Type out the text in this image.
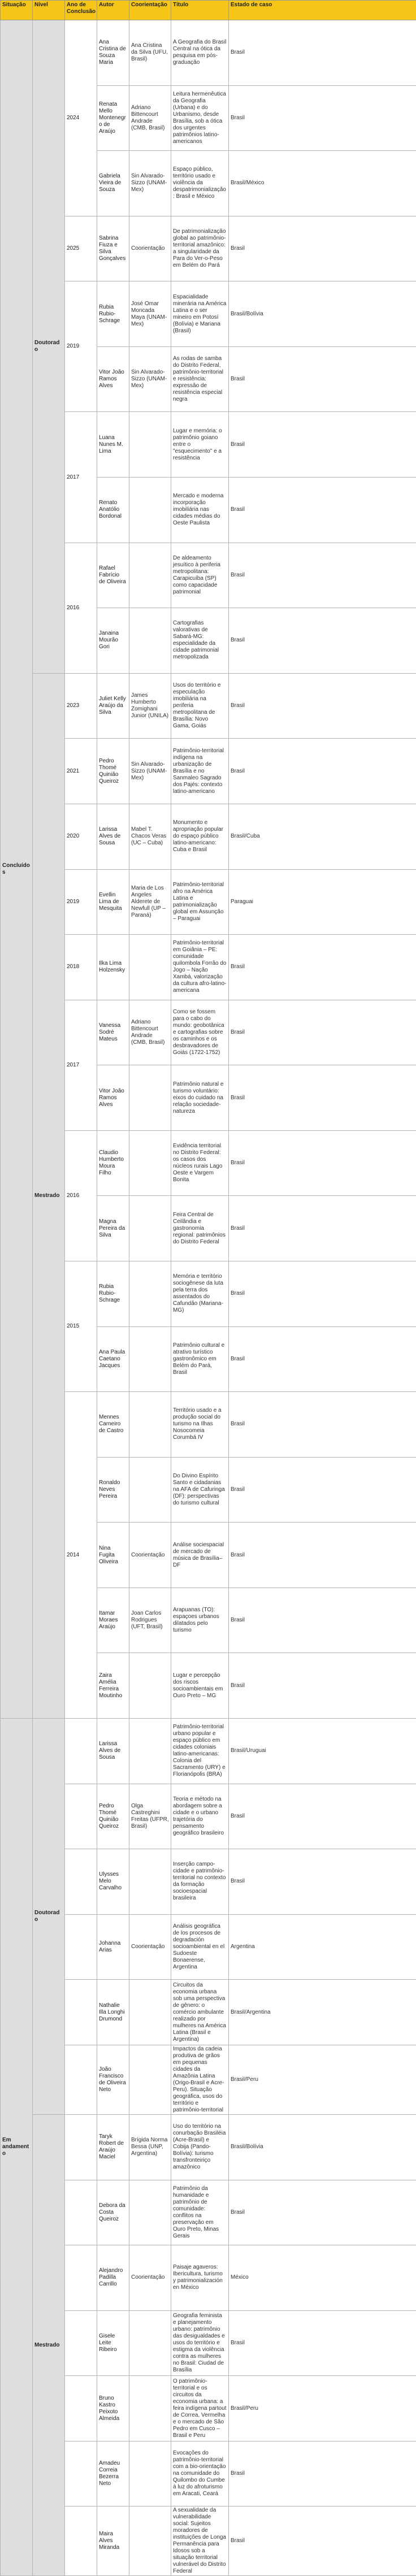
Situação	Nível	Ano de Conclusão	Autor	Coorientação	Título	Estado de caso
Concluídos	Doutorado	2024	Ana Cristina de Souza Maria	Ana Cristina da Silva (UFU, Brasil)	A Geografia do Brasil Central na ótica da pesquisa em pós-graduação	Brasil
			Renata Mello Montenegro de Araújo	Adriano Bittencourt Andrade (CMB, Brasil)	Leitura hermenêutica da Geografia (Urbana) e do Urbanismo, desde Brasília, sob a ótica dos urgentes patrimônios latino-americanos	Brasil
			Gabriela Vieira de Souza	Sin Alvarado-Sizzo (UNAM-Mex)	Espaço público, território usado e violência da despatrimonialização: Brasil e México	Brasil/México
		2025	Sabrina Fiuza e Silva Gonçalves	Coorientação	De patrimonialização global ao patrimônio-territorial amazônico: a singularidade da Para do Ver-o-Peso em Belém do Pará	Brasil
		2019	Rubia Rubio-Schrage	José Omar Moncada Maya (UNAM-Mex)	Espacialidade minerária na América Latina e o ser mineiro em Potosí (Bolívia) e Mariana (Brasil)	Brasil/Bolívia
			Vitor João Ramos Alves	Sin Alvarado-Sizzo (UNAM-Mex)	As rodas de samba do Distrito Federal, patrimônio-territorial e resistência: expressão de resistência especial negra	Brasil
		2017	Luana Nunes M. Lima		Lugar e memória: o patrimônio goiano entre o "esquecimento" e a resistência	Brasil
			Renato Anatólio Bordonal		Mercado e moderna incorporação imobiliária nas cidades médias do Oeste Paulista	Brasil
		2016	Rafael Fabrício de Oliveira		De aldeamento jesuítico à periferia metropolitana: Carapicuíba (SP) como capacidade patrimonial	Brasil
			Janaina Mourão Gori		Cartografias valorativas de Sabará-MG: especialidade da cidade patrimonial metropolizada	Brasil
	Mestrado	2023	Juliet Kelly Araújo da Silva	James Humberto Zomighani Junior (UNILA)	Usos do território e especulação imobiliária na periferia metropolitana de Brasília: Novo Gama, Goiás	Brasil
		2021	Pedro Thomé Quinião Queiroz	Sin Alvarado-Sizzo (UNAM-Mex)	Patrimônio-territorial indígena na urbanização de Brasília e no Sanmaleo Sagrado dos Pajés: contexto latino-americano	Brasil
		2020	Larissa Alves de Sousa	Mabel T. Chacos Veras (UC – Cuba)	Monumento e apropriação popular do espaço público latino-americano: Cuba e Brasil	Brasil/Cuba
		2019	Evellin Lima de Mesquita	Maria de Los Angeles Alderete de Newfull (UP – Paraná)	Patrimônio-territorial afro na América Latina e patrimonialização global em Assunção – Paraguai	Paraguai
		2018	Ilka Lima Holzensky		Patrimônio-territorial em Goiânia – PE: comunidade quilombola Forrão do Jogo – Nação Xambá, valorização da cultura afro-latino-americana	Brasil
		2017	Vanessa Sodré Mateus	Adriano Bittencourt Andrade (CMB, Brasil)	Como se fossem para o cabo do mundo: geobotânica e cartografias sobre os caminhos e os desbravadores de Goiás (1722-1752)	Brasil
			Vitor João Ramos Alves		Patrimônio natural e turismo voluntário: eixos do cuidado na relação sociedade-natureza	Brasil
		2016	Claudio Humberto Moura Filho		Evidência territorial no Distrito Federal: os casos dos núcleos rurais Lago Oeste e Vargem Bonita	Brasil
			Magna Pereira da Silva		Feira Central de Ceilândia e gastronomia regional: patrimônios do Distrito Federal	Brasil
		2015	Rubia Rubio-Schrage		Memória e território sociogênese da luta pela terra dos assentados do Cafundão (Mariana-MG)	Brasil
			Ana Paula Caetano Jacques		Patrimônio cultural e atrativo turístico gastronômico em Belém do Pará, Brasil	Brasil
		2014	Mennes Carneiro de Castro		Território usado e a produção social do turismo na Ilhas Nosocomeia Corumbá IV	Brasil
			Ronaldo Neves Pereira		Do Divino Espírito Santo e cidadanias na AFA de Cafuringa (DF): perspectivas do turismo cultural	Brasil
			Nina Fugita Oliveira	Coorientação	Análise sociespacial de mercado de música de Brasília–DF	Brasil
			Itamar Moraes Araújo	Joan Carlos Rodrigues (UFT, Brasil)	Arapuanas (TO): espaçoes urbanos dilatados pelo turismo	Brasil
			Zaira Amélia Ferreira Moutinho		Lugar e percepção dos riscos socioambientais em Ouro Preto – MG	Brasil
Em andamento	Doutorado		Larissa Alves de Sousa		Patrimônio-territorial urbano popular e espaço público em cidades coloniais latino-americanas: Colonia del Sacramento (URY) e Florianópolis (BRA)	Brasil/Uruguai
			Pedro Thomé Quinião Queiroz	Olga Castreghini Freitas (UFPR, Brasil)	Teoria e método na abordagem sobre a cidade e o urbano trajetória do pensamento geográfico brasileiro	Brasil
			Ulysses Melo Carvalho		Inserção campo-cidade e patrimônio-territorial no contexto da formação socioespacial brasileira	Brasil
			Johanna Arias	Coorientação	Análisis geográfica de los procesos de degradación socioambiental en el Sudoeste Bonaerense, Argentina	Argentina
			Nathalie Illa Longhi Drumond		Circuitos da economia urbana sob uma perspectiva de gênero: o comércio ambulante realizado por mulheres na América Latina (Brasil e Argentina)	Brasil/Argentina
			João Francisco de Oliveira Neto		Impactos da cadeia produtiva de grãos em pequenas cidades da Amazônia Latina (Origo-Brasil e Acre-Peru). Situação geográfica, usos do território e patrimônio-territorial	Brasil/Peru
	Mestrado		Taryk Robert de Araújo Maciel	Brígida Norma Bessa (UNP, Argentina)	Uso do território na conurbação Brasiléia (Acre-Brasil) e Cobija (Pando-Bolívia): turismo transfronteiriço amazônico	Brasil/Bolívia
			Debora da Costa Queiroz		Patrimônio da humanidade e patrimônio de comunidade: conflitos na preservação em Ouro Preto, Minas Gerais	Brasil
			Alejandro Padilla Carrillo	Coorientação	Paisaje agaveros: Ibericultura, turismo y patrimonialización en México	México
			Gisele Leite Ribeiro		Geografia feminista e planejamento urbano: patrimônio das desigualdades e usos do território e estigma da violência contra as mulheres no Brasil: Ciudad de Brasília	Brasil
			Bruno Kastro Peixoto Almeida		O patrimônio-territorial e os circuitos da economia urbana: a feira indígena partout de Correa, Vermelha e o mercado de São Pedro em Cusco – Brasil e Peru	Brasil/Peru
			Amadeu Correia Bezerra Neto		Evocações do patrimônio-territorial com a bio-orientação na comunidade do Quilombo do Cumbe à luz do afroturismo em Aracati, Ceará	Brasil
			Maira Alves Miranda		A sexualidade da vulnerabilidade social: Sujeitos moradores de instituições de Longa Permanência para Idosos sob a situação territorial vulnerável do Distrito Federal	Brasil
